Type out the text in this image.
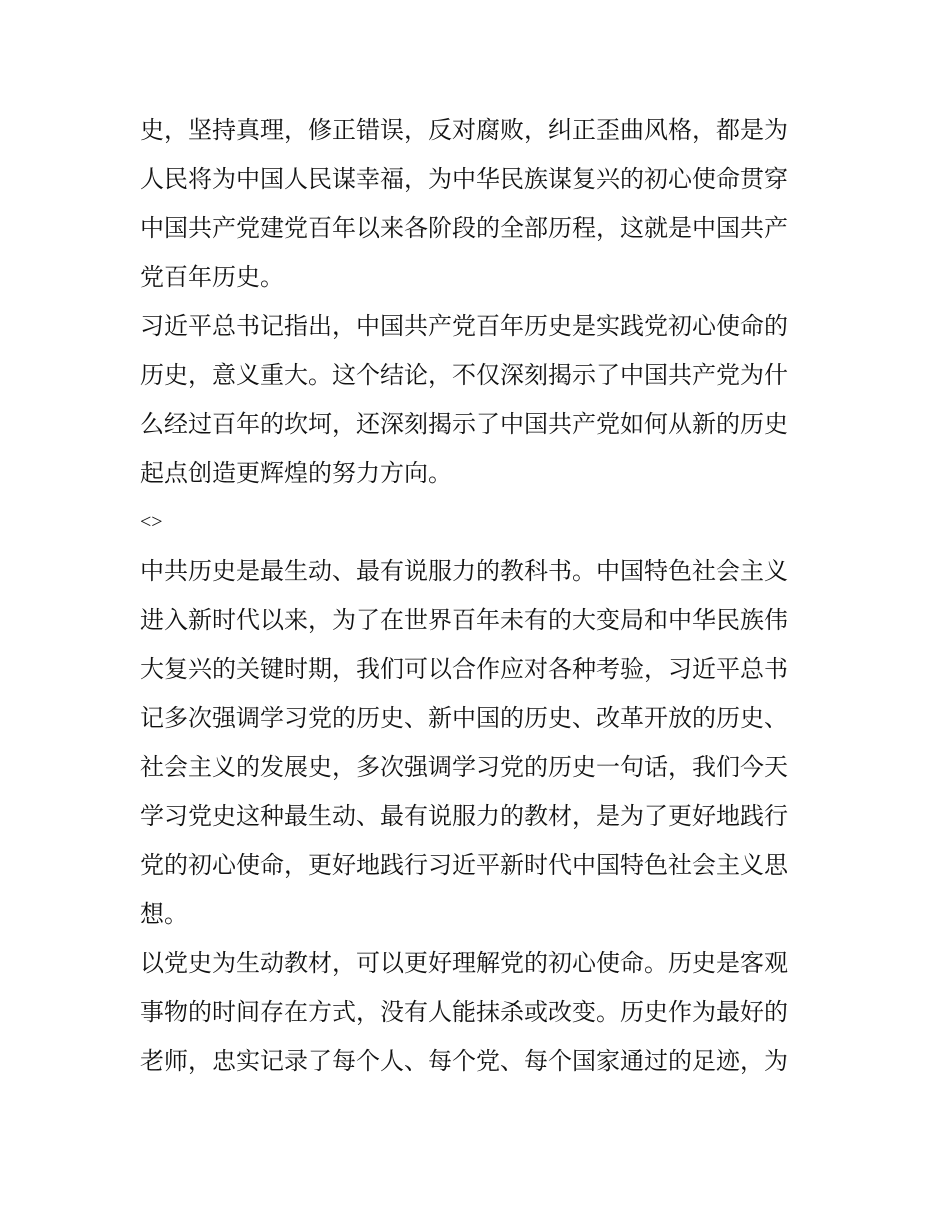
史，坚持真理，修正错误，反对腐败，纠正歪曲风格，都是为
人民将为中国人民谋幸福，为中华民族谋复兴的初心使命贯穿
中国共产党建党百年以来各阶段的全部历程，这就是中国共产
党百年历史。
习近平总书记指出，中国共产党百年历史是实践党初心使命的
历史，意义重大。这个结论，不仅深刻揭示了中国共产党为什
么经过百年的坎坷，还深刻揭示了中国共产党如何从新的历史
起点创造更辉煌的努力方向。
<>
中共历史是最生动、最有说服力的教科书。中国特色社会主义
进入新时代以来，为了在世界百年未有的大变局和中华民族伟
大复兴的关键时期，我们可以合作应对各种考验，习近平总书
记多次强调学习党的历史、新中国的历史、改革开放的历史、
社会主义的发展史，多次强调学习党的历史一句话，我们今天
学习党史这种最生动、最有说服力的教材，是为了更好地践行
党的初心使命，更好地践行习近平新时代中国特色社会主义思
想。
以党史为生动教材，可以更好理解党的初心使命。历史是客观
事物的时间存在方式，没有人能抹杀或改变。历史作为最好的
老师，忠实记录了每个人、每个党、每个国家通过的足迹，为
